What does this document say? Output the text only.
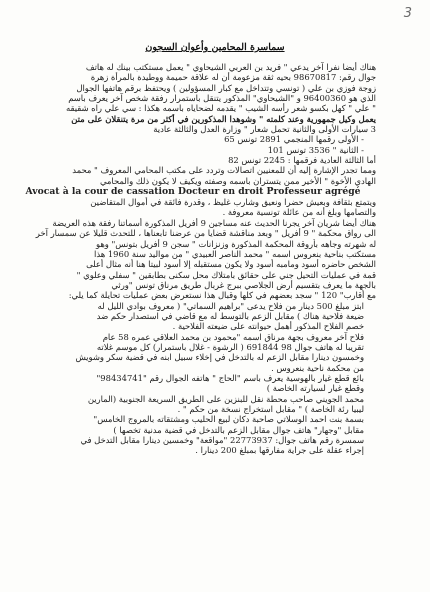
3
سماسرة المحامين وأعوان السجون

هناك أيضا نفرا آخر يدعي " فريد بن العربي الشيحاوي " يعمل مستكتب بينك له هاتف

جوال رقم: 98670817 بحيه ثقة مزعومة أن له علاقة حميمة ووطيدة بالمرأة زهرة

زوجة فوزي بن علي ( تونسي وتتداخل مع كبار المسؤولين ) ويحتفظ برقم هاتفها الجوال

الذي هو 96400360 و "الشيحاوي" المذكور يتنقل باستمرار رفقة شخص آخر يعرف باسم

" علي " كهل بكسو شعر رأسه الشيب " يقدمه لضحاياه باسمه هكذا : سي علي راه شقيقه

يعمل وكيل جمهورية وعند كلمته " وشوهدا المذكورين في أكثر من مرة يتنقلان على متن

3 سيارات الأولى والثانية تحمل شعار " وزارة العدل والثالثة عادية

- الأولى رقمها المنجمي 2891 تونس 65

- الثانية " 3536 تونس 101

أما الثالثة العادية فرقمها : 2245 تونس 82

ومما تجدر الإشارة إليه أن للمعنيين اتصالات وتردد على مكتب المحامي المعروف " محمد

الهادي الأخوة " الأخير ممن يتستران باسمه وصفته ويكيف لا يكون ذلك والمحامي

Avocat à la cour de cassation Docteur en droit Professeur agrégé

ويتمتع بثقافة وبعيش حضرا ونعيق وشارب غليظ ، وقدرة فائقة في أموال المتقاضين

والتصامها وبلغ أنه من عائلة تونسية معروفة .

هناك أيضا شريان آخر يجرنا الحديث عنه مساجين 9 أفريل المذكورة أسماتنا رفقة هذه العريضة

الى رواق محكمة " 9 أفريل " وبعد مناقشة قضايا من عرضنا تابعناها ، للتحدث قليلا عن سمسار آخر

له شهرته وجاهه بأروقة المحكمة المذكورة وزنزانات " سجن 9 أفريل بتونس" وهو

مستكتب بناحية بنعروس اسمه " محمد الناصر العبيدي " من مواليد سنة 1960 هذا

الشخص حاضره أسود ومامبه أسود ولا يكون مستقبله إلا أسود لبيتا هنا أنه مثال أعلى

قمة في عمليات التحيل جني على حقائق بامتلاك محل سكنى بطابقين " سفلي وعلوي "

بالجهة ما يعرف بتقسيم أرض الجلاصي ببرج غربال طريق مرناق تونس "ورثي

مع أقارب" 120 " سجد بعضهم في كلها وقبال هذا نستعرض بعض عمليات تحايلة كما يلي:

ابتز مبلغ 500 دينار من فلاح يدعى "براهيم السماتي" ( معروف بوادي الليل له

ضيعة فلاحية هناك ) مقابل الزعم بالتوسط له مع قاضي في استصدار حكم ضد

خصم الفلاح المذكور أهمل حيوانته على ضيعته الفلاحية .

فلاح آخر معروف بجهة مرناق اسمه "محمود بن محمد العلاقي عمره 58 عام

تقريبا له هاتف جوال 98 691844 ( الرشوة - غلال باستمرار) كل موسم غلاته

وخمسون دينارا مقابل الزعم له بالتدخل في إخلاء سبيل ابنه في قضية سكر وشويش

من محكمة ناحية بنعروس .

بائع قطع غيار بالهوسية يعرف باسم "الحاج " هاتفه الجوال رقم "98434741"

وقطع غيار لسيارته الخاصة )

محمد الجويني صاحب محطة نقل للبنزين على الطريق السريعة الجنوبية (المارين

ليبيا رئة الخاصة ) " مقابل استخراج نسخة من حكم " .

بسمة بنت احمد الوسلاتي صاحبة دكان لبيع الحليب ومشتقاته بالمروج الخامس"

مقابل "وجهار" هاتف جوال مقابل الزعم بالتدخل في قضية مدنية تخصها )

سمسرة رقم هاتف جوال: 22773937 "مواقعة" وخمسين دينارا مقابل التدخل في

إجراء عقلة على جراية مفارقها بمبلغ 200 دينارا .
